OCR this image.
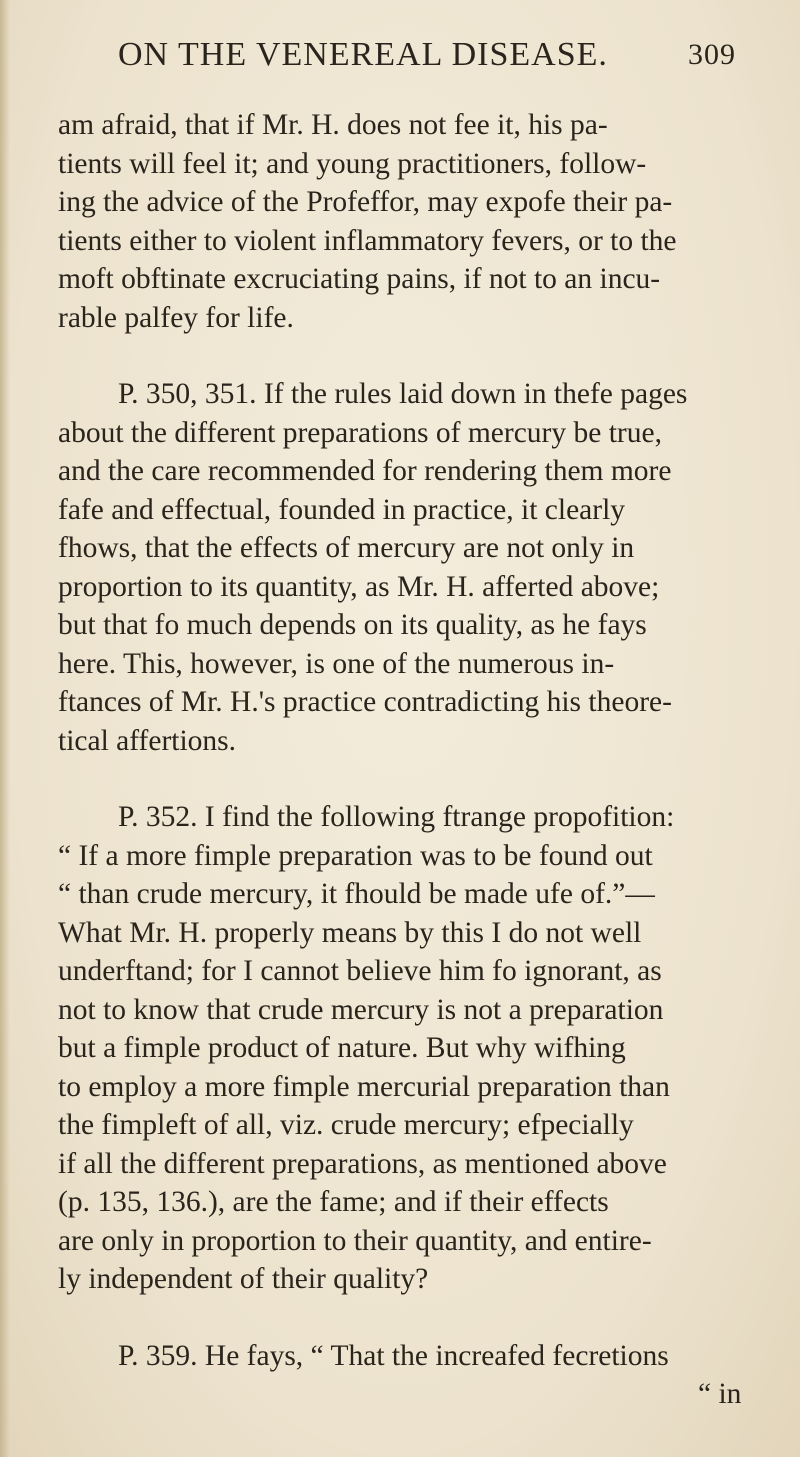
ON THE VENEREAL DISEASE.	309
am afraid, that if Mr. H. does not fee it, his pa-
tients will feel it; and young practitioners, follow-
ing the advice of the Profeffor, may expofe their pa-
tients either to violent inflammatory fevers, or to the
moft obftinate excruciating pains, if not to an incu-
rable palfey for life.
P. 350, 351. If the rules laid down in thefe pages
about the different preparations of mercury be true,
and the care recommended for rendering them more
fafe and effectual, founded in practice, it clearly
fhows, that the effects of mercury are not only in
proportion to its quantity, as Mr. H. afferted above;
but that fo much depends on its quality, as he fays
here. This, however, is one of the numerous in-
ftances of Mr. H.'s practice contradicting his theore-
tical affertions.
P. 352. I find the following ftrange propofition:
“ If a more fimple preparation was to be found out
“ than crude mercury, it fhould be made ufe of.”—
What Mr. H. properly means by this I do not well
underftand; for I cannot believe him fo ignorant, as
not to know that crude mercury is not a preparation
but a fimple product of nature. But why wifhing
to employ a more fimple mercurial preparation than
the fimpleft of all, viz. crude mercury; efpecially
if all the different preparations, as mentioned above
(p. 135, 136.), are the fame; and if their effects
are only in proportion to their quantity, and entire-
ly independent of their quality?
P. 359. He fays, “ That the increafed fecretions
“ in
